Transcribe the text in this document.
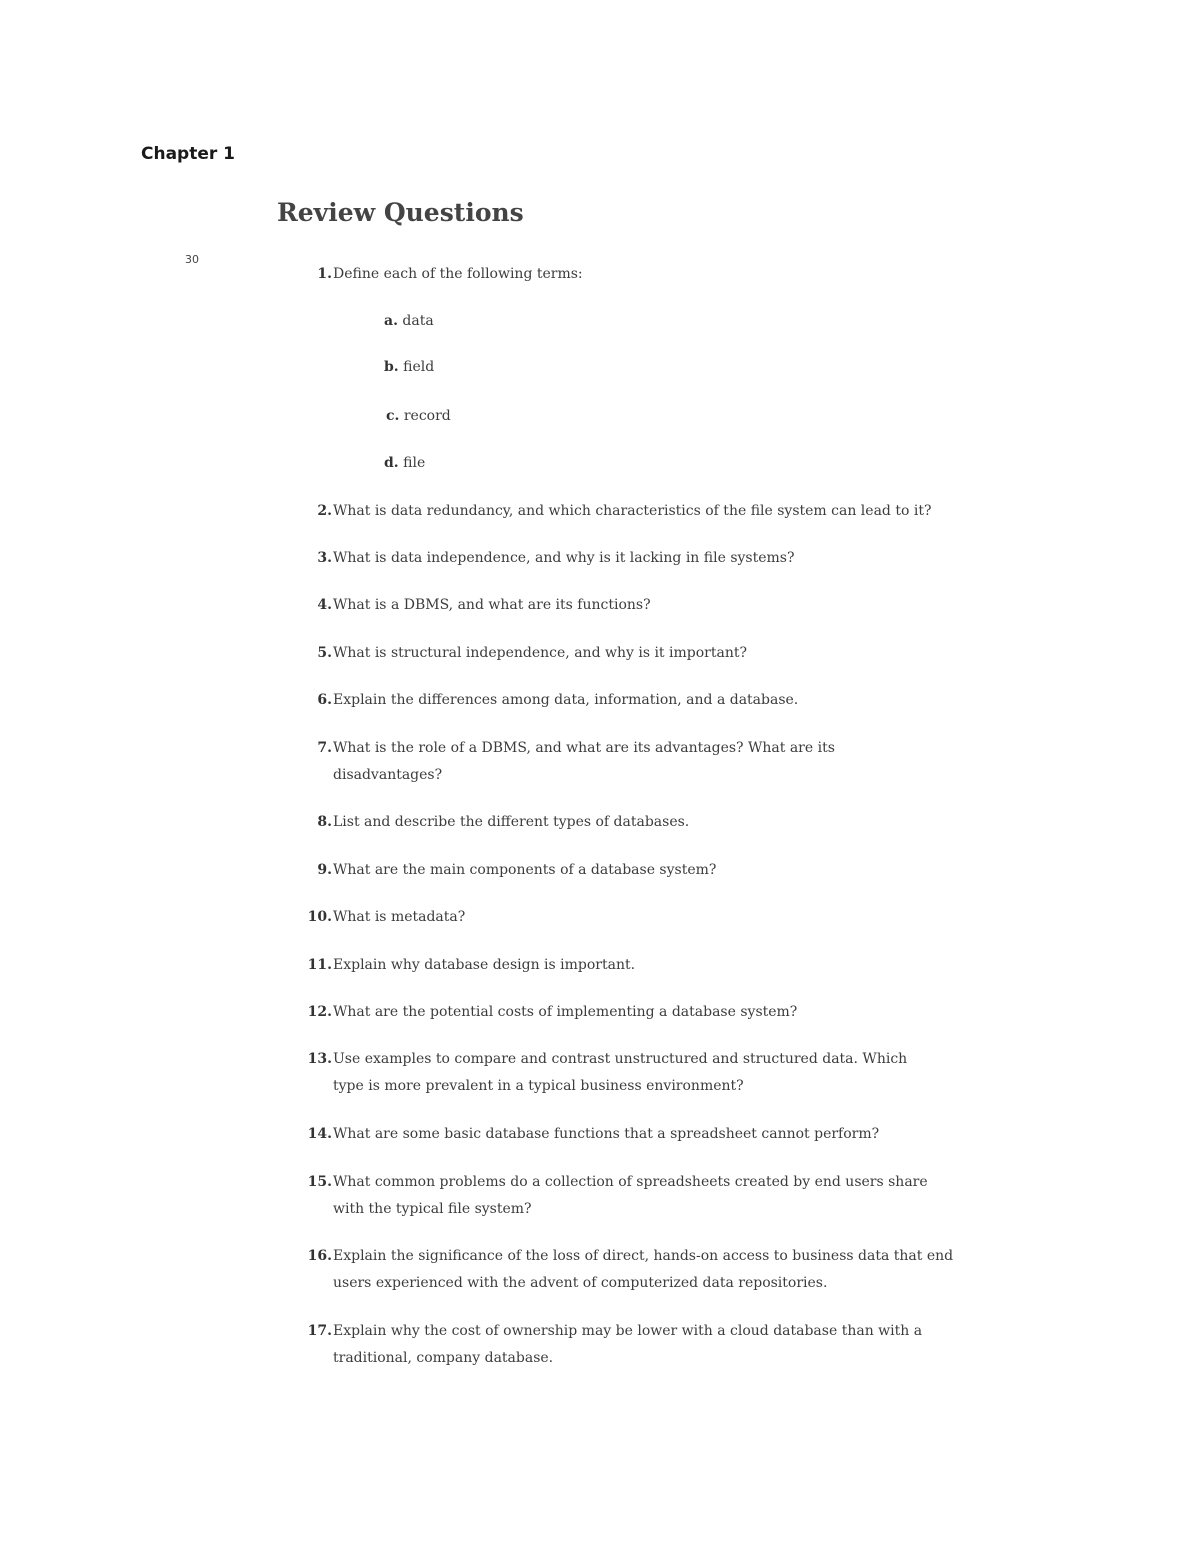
Chapter 1
Review Questions
30
1. Define each of the following terms:
a. data
b. field
c. record
d. file
2. What is data redundancy, and which characteristics of the file system can lead to it?
3. What is data independence, and why is it lacking in file systems?
4. What is a DBMS, and what are its functions?
5. What is structural independence, and why is it important?
6. Explain the differences among data, information, and a database.
7. What is the role of a DBMS, and what are its advantages? What are its disadvantages?
8. List and describe the different types of databases.
9. What are the main components of a database system?
10. What is metadata?
11. Explain why database design is important.
12. What are the potential costs of implementing a database system?
13. Use examples to compare and contrast unstructured and structured data. Which type is more prevalent in a typical business environment?
14. What are some basic database functions that a spreadsheet cannot perform?
15. What common problems do a collection of spreadsheets created by end users share with the typical file system?
16. Explain the significance of the loss of direct, hands-on access to business data that end users experienced with the advent of computerized data repositories.
17. Explain why the cost of ownership may be lower with a cloud database than with a traditional, company database.
